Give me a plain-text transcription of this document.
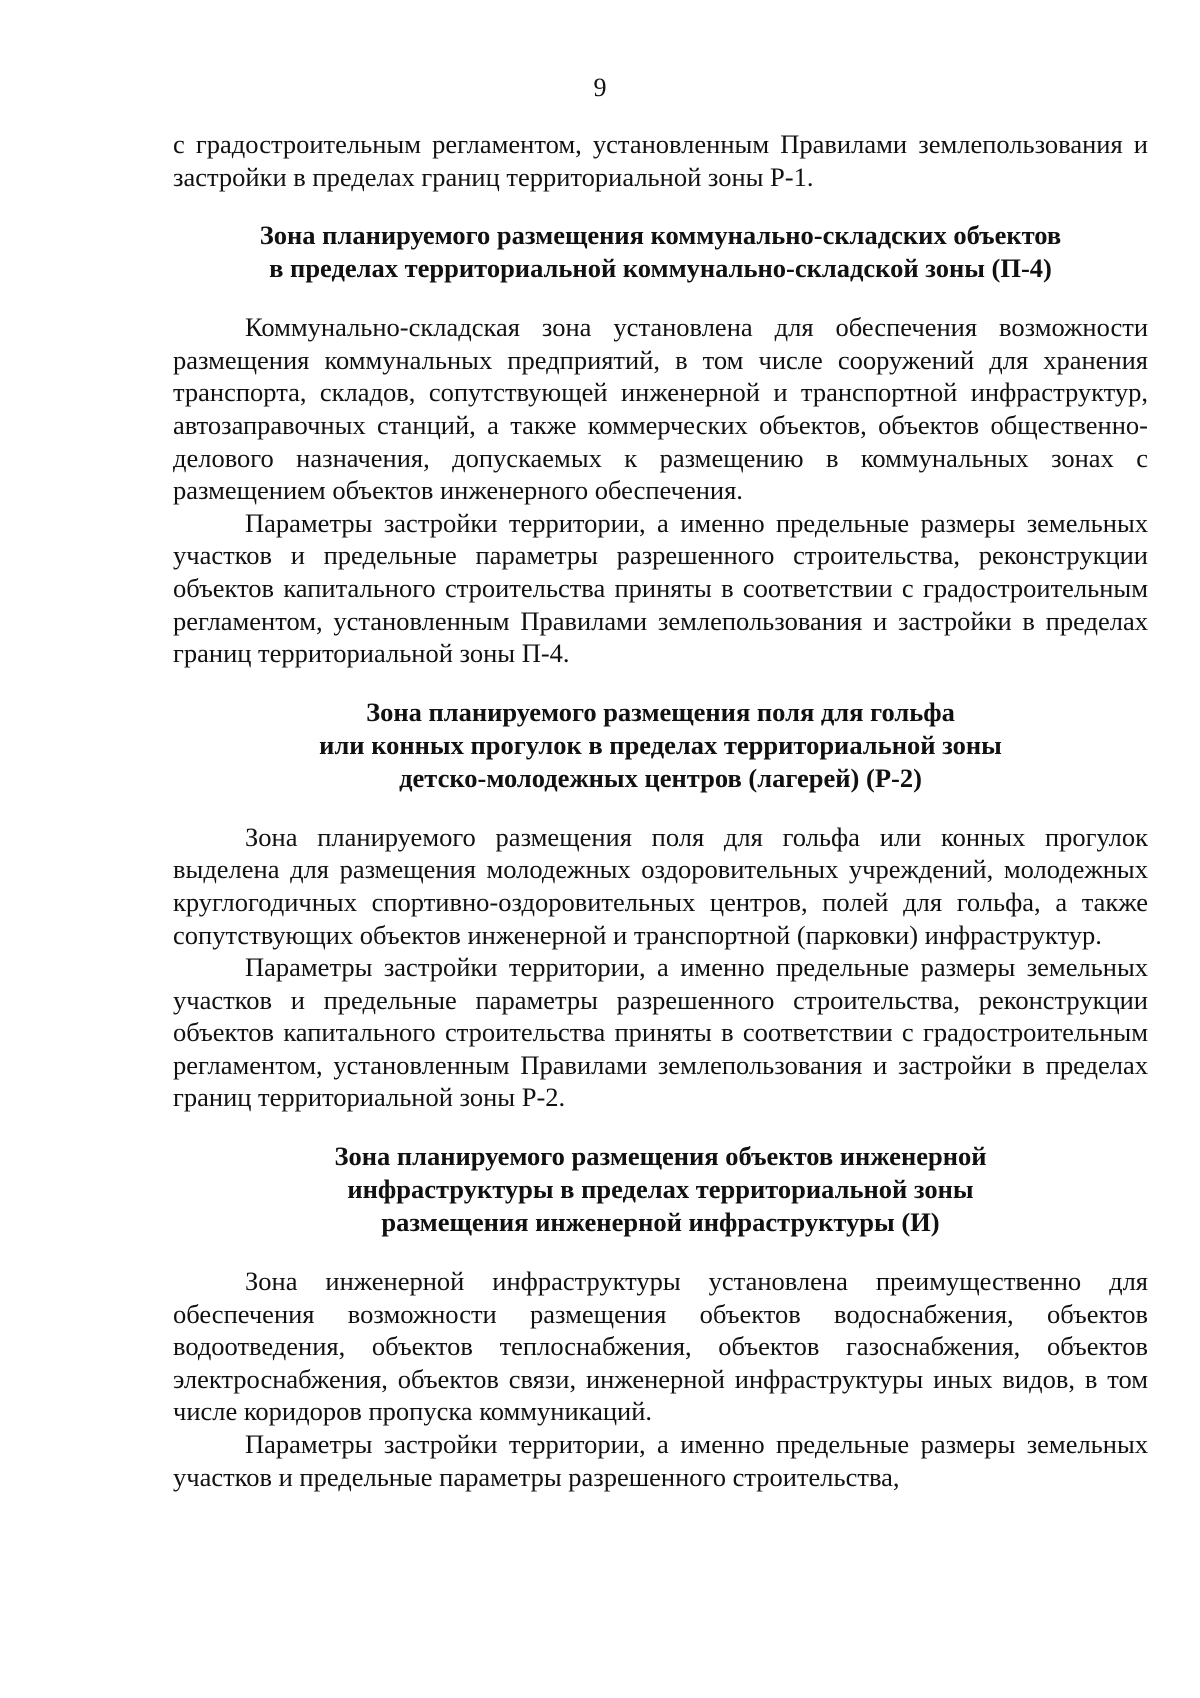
9

с градостроительным регламентом, установленным Правилами землепользования и застройки в пределах границ территориальной зоны Р-1.

Зона планируемого размещения коммунально-складских объектов
в пределах территориальной коммунально-складской зоны (П-4)

Коммунально-складская зона установлена для обеспечения возможности размещения коммунальных предприятий, в том числе сооружений для хранения транспорта, складов, сопутствующей инженерной и транспортной инфраструктур, автозаправочных станций, а также коммерческих объектов, объектов общественно-делового назначения, допускаемых к размещению в коммунальных зонах с размещением объектов инженерного обеспечения.

Параметры застройки территории, а именно предельные размеры земельных участков и предельные параметры разрешенного строительства, реконструкции объектов капитального строительства приняты в соответствии с градостроительным регламентом, установленным Правилами землепользования и застройки в пределах границ территориальной зоны П-4.

Зона планируемого размещения поля для гольфа
или конных прогулок в пределах территориальной зоны
детско-молодежных центров (лагерей) (Р-2)

Зона планируемого размещения поля для гольфа или конных прогулок выделена для размещения молодежных оздоровительных учреждений, молодежных круглогодичных спортивно-оздоровительных центров, полей для гольфа, а также сопутствующих объектов инженерной и транспортной (парковки) инфраструктур.

Параметры застройки территории, а именно предельные размеры земельных участков и предельные параметры разрешенного строительства, реконструкции объектов капитального строительства приняты в соответствии с градостроительным регламентом, установленным Правилами землепользования и застройки в пределах границ территориальной зоны Р-2.

Зона планируемого размещения объектов инженерной
инфраструктуры в пределах территориальной зоны
размещения инженерной инфраструктуры (И)

Зона инженерной инфраструктуры установлена преимущественно для обеспечения возможности размещения объектов водоснабжения, объектов водоотведения, объектов теплоснабжения, объектов газоснабжения, объектов электроснабжения, объектов связи, инженерной инфраструктуры иных видов, в том числе коридоров пропуска коммуникаций.

Параметры застройки территории, а именно предельные размеры земельных участков и предельные параметры разрешенного строительства,
